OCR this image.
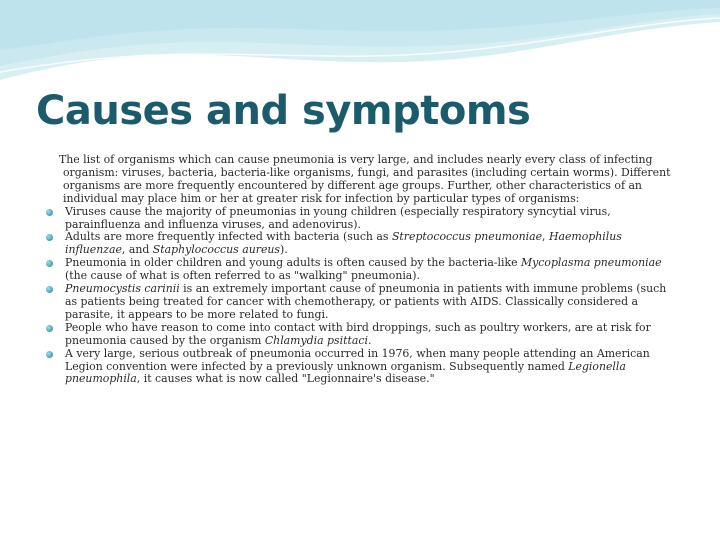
Causes and symptoms

The list of organisms which can cause pneumonia is very large, and includes nearly every class of infecting organism: viruses, bacteria, bacteria-like organisms, fungi, and parasites (including certain worms). Different organisms are more frequently encountered by different age groups. Further, other characteristics of an individual may place him or her at greater risk for infection by particular types of organisms:

Viruses cause the majority of pneumonias in young children (especially respiratory syncytial virus, parainfluenza and influenza viruses, and adenovirus).
Adults are more frequently infected with bacteria (such as Streptococcus pneumoniae, Haemophilus influenzae, and Staphylococcus aureus).
Pneumonia in older children and young adults is often caused by the bacteria-like Mycoplasma pneumoniae (the cause of what is often referred to as "walking" pneumonia).
Pneumocystis carinii is an extremely important cause of pneumonia in patients with immune problems (such as patients being treated for cancer with chemotherapy, or patients with AIDS. Classically considered a parasite, it appears to be more related to fungi.
People who have reason to come into contact with bird droppings, such as poultry workers, are at risk for pneumonia caused by the organism Chlamydia psittaci.
A very large, serious outbreak of pneumonia occurred in 1976, when many people attending an American Legion convention were infected by a previously unknown organism. Subsequently named Legionella pneumophila, it causes what is now called "Legionnaire's disease."
